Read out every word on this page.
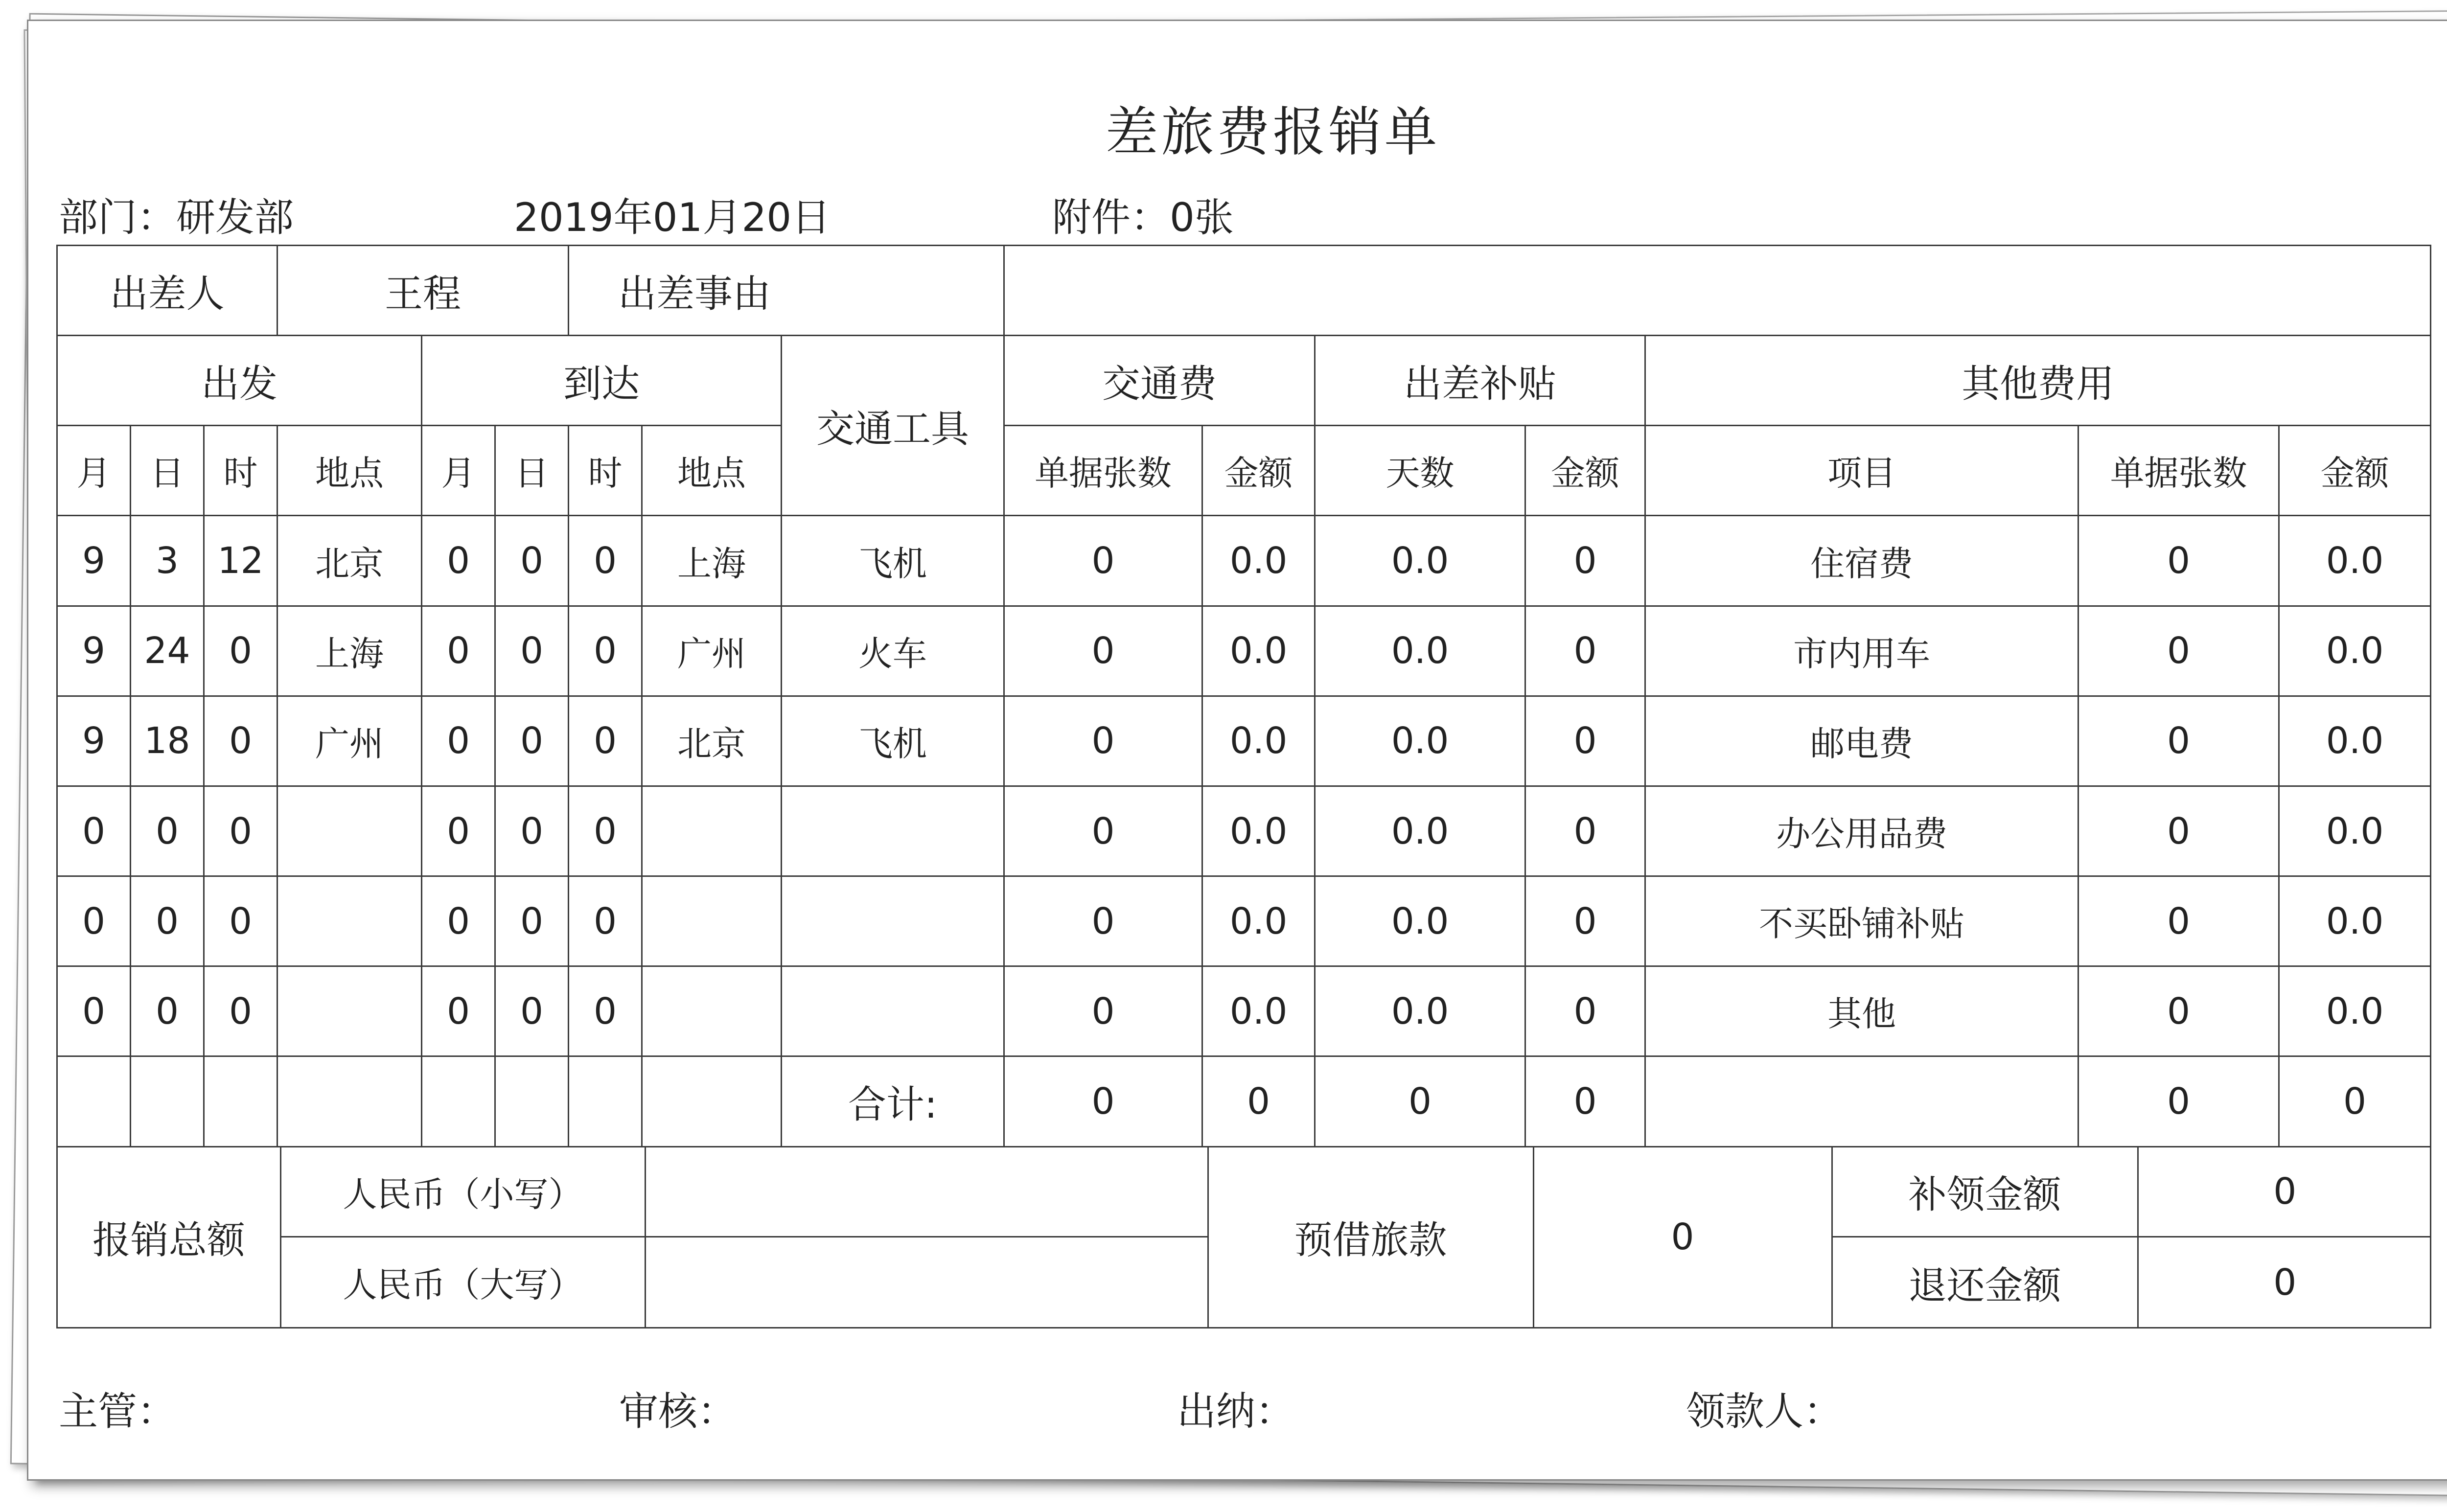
差旅费报销单
部门：研发部	2019年01月20日	附件：0张
出差人	王程	出差事由	
出发	到达	交通工具	交通费	出差补贴	其他费用
月	日	时	地点	月	日	时	地点	单据张数	金额	天数	金额	项目	单据张数	金额
9	3	12	北京	0	0	0	上海	飞机	0	0.0	0.0	0	住宿费	0	0.0
9	24	0	上海	0	0	0	广州	火车	0	0.0	0.0	0	市内用车	0	0.0
9	18	0	广州	0	0	0	北京	飞机	0	0.0	0.0	0	邮电费	0	0.0
0	0	0		0	0	0			0	0.0	0.0	0	办公用品费	0	0.0
0	0	0		0	0	0			0	0.0	0.0	0	不买卧铺补贴	0	0.0
0	0	0		0	0	0			0	0.0	0.0	0	其他	0	0.0
								合计:	0	0	0	0		0	0

报销总额	人民币（小写）		预借旅款	0	补领金额	0
人民币（大写）		退还金额	0
主管：	审核：	出纳：	领款人：
